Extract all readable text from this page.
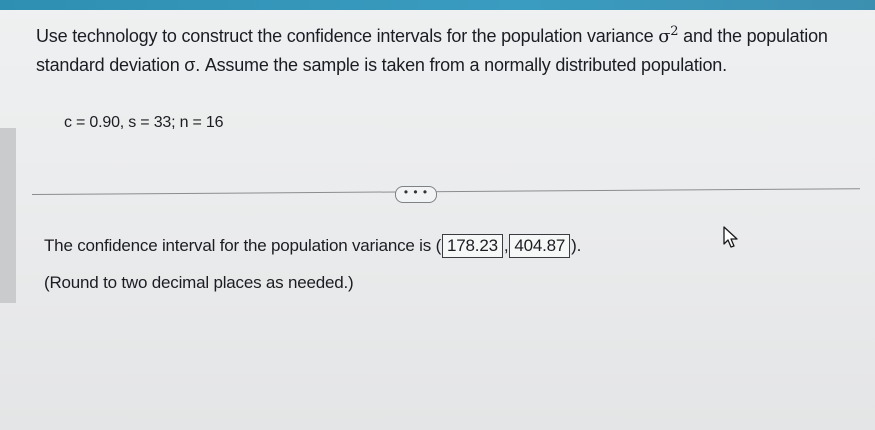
Use technology to construct the confidence intervals for the population variance $\sigma^2$ and the population standard deviation σ. Assume the sample is taken from a normally distributed population.
c = 0.90, s = 33; n = 16
• • •
The confidence interval for the population variance is ( 178.23 , 404.87 ).
(Round to two decimal places as needed.)
